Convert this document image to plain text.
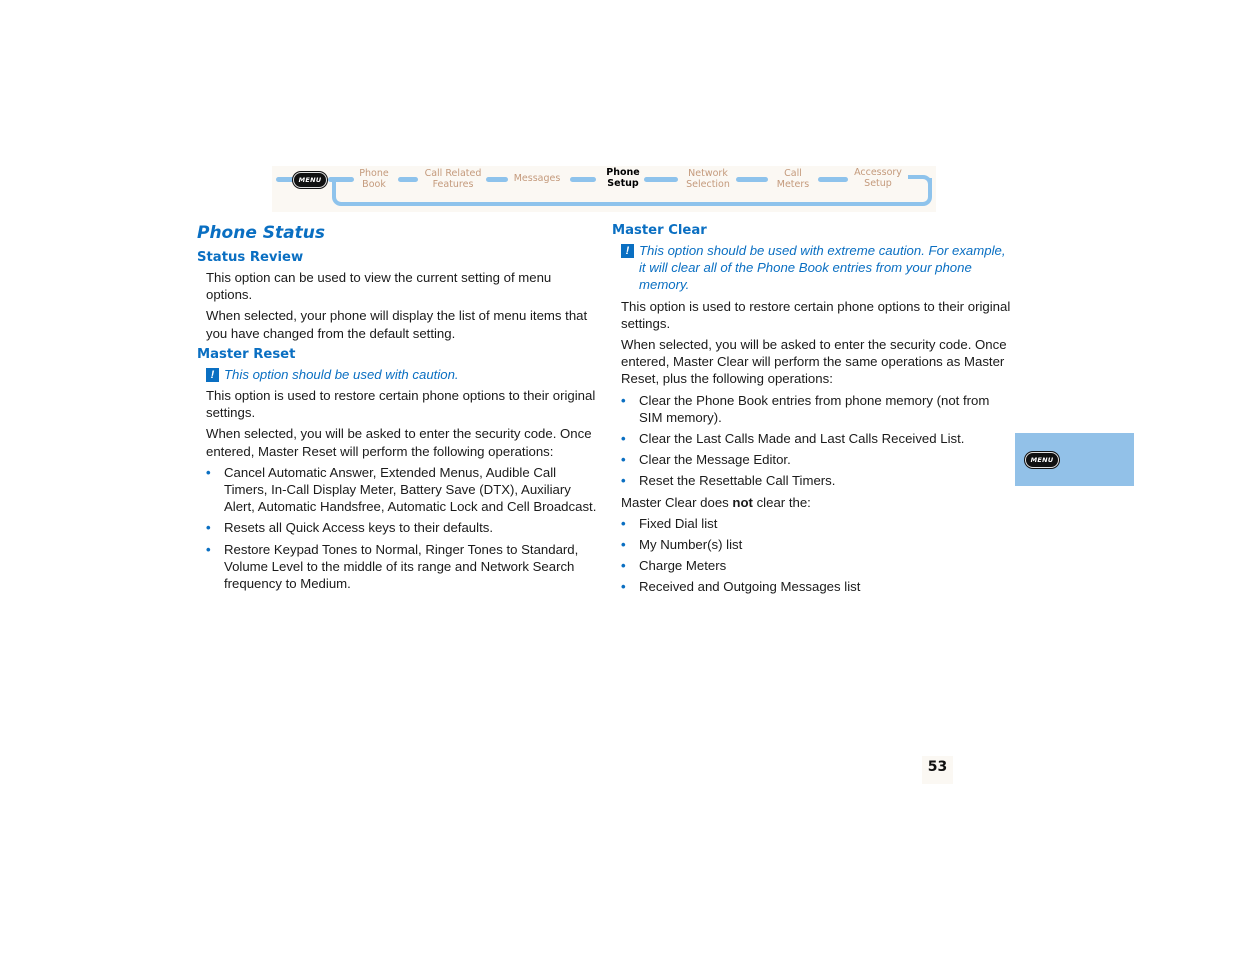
MENU
Phone
Book
Call Related
Features
Messages
Phone
Setup
Network
Selection
Call
Meters
Accessory
Setup
Phone Status
Status Review

This option can be used to view the current setting of menu options.

When selected, your phone will display the list of menu items that you have changed from the default setting.

Master Reset

! This option should be used with caution.

This option is used to restore certain phone options to their original settings.

When selected, you will be asked to enter the security code. Once entered, Master Reset will perform the following operations:

• Cancel Automatic Answer, Extended Menus, Audible Call Timers, In-Call Display Meter, Battery Save (DTX), Auxiliary Alert, Automatic Handsfree, Automatic Lock and Cell Broadcast.
• Resets all Quick Access keys to their defaults.
• Restore Keypad Tones to Normal, Ringer Tones to Standard, Volume Level to the middle of its range and Network Search frequency to Medium.
Master Clear

! This option should be used with extreme caution. For example, it will clear all of the Phone Book entries from your phone memory.

This option is used to restore certain phone options to their original settings.

When selected, you will be asked to enter the security code. Once entered, Master Clear will perform the same operations as Master Reset, plus the following operations:

• Clear the Phone Book entries from phone memory (not from SIM memory).
• Clear the Last Calls Made and Last Calls Received List.
• Clear the Message Editor.
• Reset the Resettable Call Timers.

Master Clear does not clear the:

• Fixed Dial list
• My Number(s) list
• Charge Meters
• Received and Outgoing Messages list
53
MENU
